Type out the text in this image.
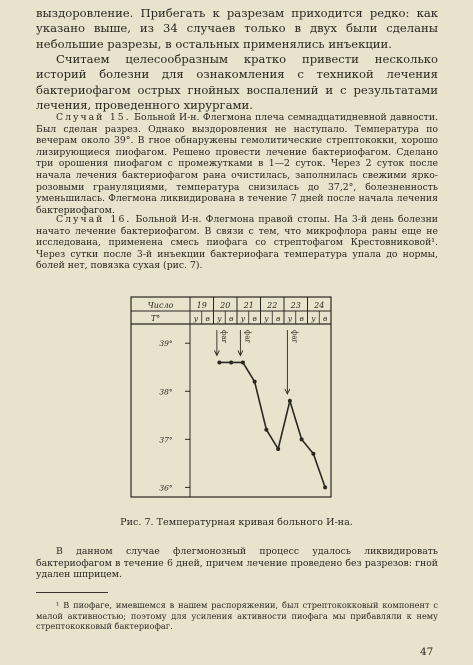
выздоровление. Прибегать к разрезам приходится редко: как указано выше, из 34 случаев только в двух были сделаны небольшие разрезы, в остальных применялись инъекции.

Считаем целесообразным кратко привести несколько историй болезни для ознакомления с техникой лечения бактериофагом острых гнойных воспалений и с результатами лечения, проведенного хирургами.

Случай 15. Больной И-н. Флегмона плеча семнадцатидневной давности. Был сделан разрез. Однако выздоровления не наступало. Температура по вечерам около 39°. В гное обнаружены гемолитические стрептококки, хорошо лизирующиеся пиофагом. Решено провести лечение бактериофагом. Сделано три орошения пиофагом с промежутками в 1—2 суток. Через 2 суток после начала лечения бактериофагом рана очистилась, заполнилась свежими ярко-розовыми грануляциями, температура снизилась до 37,2°, болезненность уменьшилась. Флегмона ликвидирована в течение 7 дней после начала лечения бактериофагом.

Случай 16. Больной И-н. Флегмона правой стопы. На 3-й день болезни начато лечение бактериофагом. В связи с тем, что микрофлора раны еще не исследована, применена смесь пиофага со стрептофагом Крестовниковой¹. Через сутки после 3-й инъекции бактериофага температура упала до нормы, болей нет, повязка сухая (рис. 7).

Число
T°
19 20 21 22 23 24
у в у в у в у в у в у в
39°
38°
37°
36°
фаг фаг	фаг

Рис. 7. Температурная кривая больного И-на.

В данном случае флегмонозный процесс удалось ликвидировать бактериофагом в течение 6 дней, причем лечение проведено без разрезов: гной удален шприцем.

¹ В пиофаге, имевшемся в нашем распоряжении, был стрептококковый компонент с малой активностью; поэтому для усиления активности пиофага мы прибавляли к нему стрептококковый бактериофаг.

47
